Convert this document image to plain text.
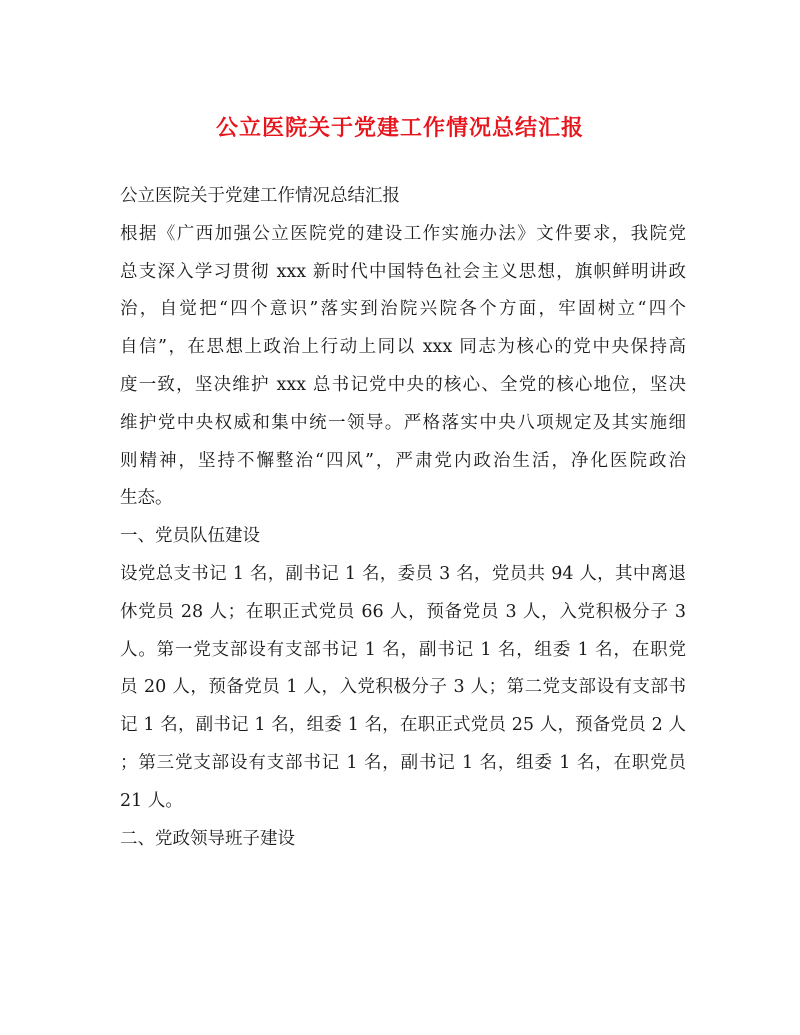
公立医院关于党建工作情况总结汇报

公立医院关于党建工作情况总结汇报

根据《广西加强公立医院党的建设工作实施办法》文件要求，我院党

总支深入学习贯彻 xxx 新时代中国特色社会主义思想，旗帜鲜明讲政

治，自觉把“四个意识”落实到治院兴院各个方面，牢固树立“四个

自信”，在思想上政治上行动上同以 xxx 同志为核心的党中央保持高

度一致，坚决维护 xxx 总书记党中央的核心、全党的核心地位，坚决

维护党中央权威和集中统一领导。严格落实中央八项规定及其实施细

则精神，坚持不懈整治“四风”，严肃党内政治生活，净化医院政治

生态。

一、党员队伍建设

设党总支书记 1 名，副书记 1 名，委员 3 名，党员共 94 人，其中离退

休党员 28 人；在职正式党员 66 人，预备党员 3 人，入党积极分子 3

人。第一党支部设有支部书记 1 名，副书记 1 名，组委 1 名，在职党

员 20 人，预备党员 1 人，入党积极分子 3 人；第二党支部设有支部书

记 1 名，副书记 1 名，组委 1 名，在职正式党员 25 人，预备党员 2 人

；第三党支部设有支部书记 1 名，副书记 1 名，组委 1 名，在职党员

21 人。

二、党政领导班子建设
